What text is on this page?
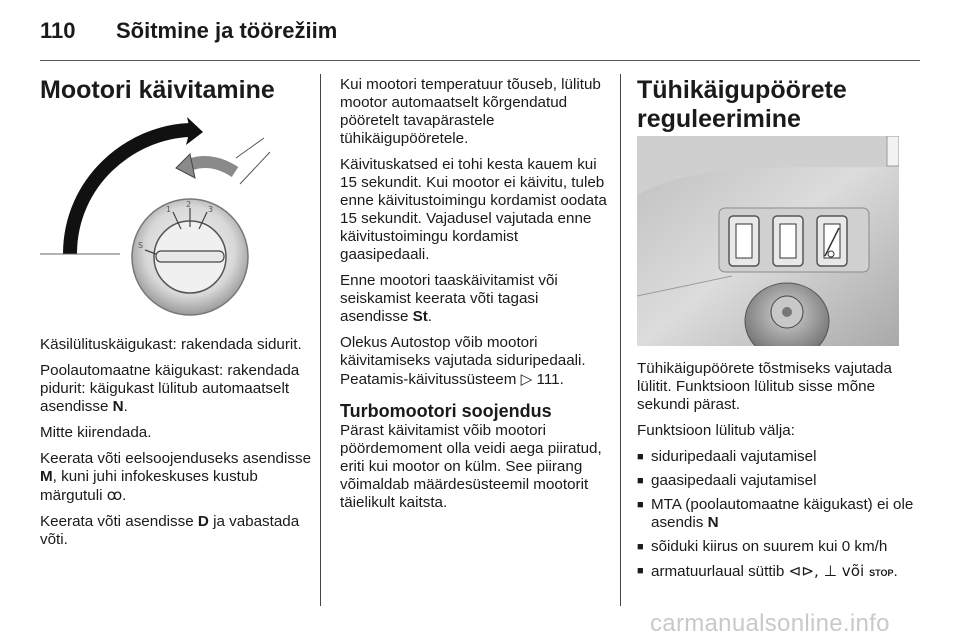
110 Sõitmine ja töörežiim
Mootori käivitamine
1
2
3
S

Käsilülituskäigukast: rakendada sidurit.

Poolautomaatne käigukast: rakendada pidurit: käigukast lülitub automaatselt asendisse N.

Mitte kiirendada.

Keerata võti eelsoojenduseks asendisse M, kuni juhi infokeskuses kustub märgutuli ꝏ.

Keerata võti asendisse D ja vabastada võti.

Kui mootori temperatuur tõuseb, lülitub mootor automaatselt kõrgendatud pööretelt tavapärastele tühikäigupööretele.

Käivituskatsed ei tohi kesta kauem kui 15 sekundit. Kui mootor ei käivitu, tuleb enne käivitustoimingu kordamist oodata 15 sekundit. Vajadusel vajutada enne käivitustoimingu kordamist gaasipedaali.

Enne mootori taaskäivitamist või seiskamist keerata võti tagasi asendisse St.

Olekus Autostop võib mootori käivitamiseks vajutada siduripedaali. Peatamis-käivitussüsteem ▷ 111.

Turbomootori soojendus

Pärast käivitamist võib mootori pöördemoment olla veidi aega piiratud, eriti kui mootor on külm. See piirang võimaldab määrdesüsteemil mootorit täielikult kaitsta.

Tühikäigupöörete
reguleerimine

Tühikäigupöörete tõstmiseks vajutada lülitit. Funktsioon lülitub sisse mõne sekundi pärast.

Funktsioon lülitub välja:

■ siduripedaali vajutamisel
■ gaasipedaali vajutamisel
■ MTA (poolautomaatne käigukast) ei ole asendis N
■ sõiduki kiirus on suurem kui 0 km/h
■ armatuurlaual süttib ⊲⊳, ⊥ või STOP.
carmanualsonline.info
